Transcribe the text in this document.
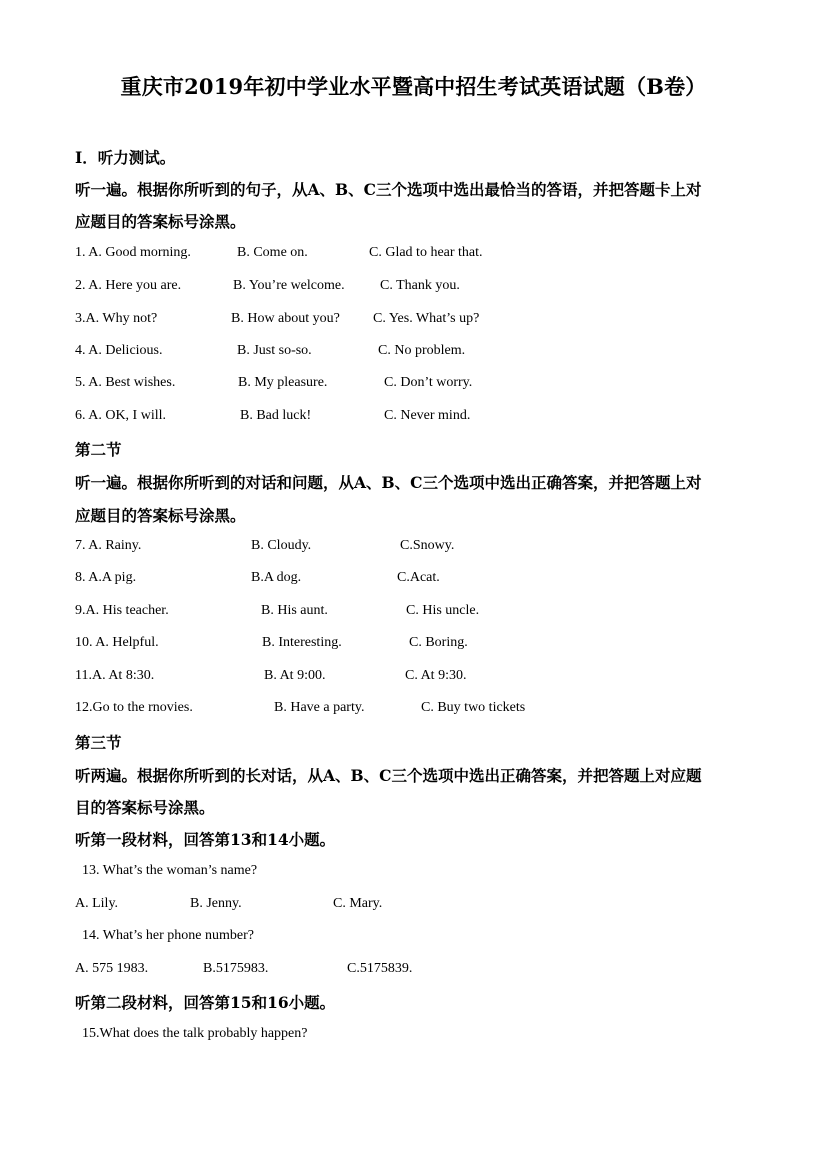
重庆市2019年初中学业水平暨高中招生考试英语试题（B卷）
I．听力测试。
听一遍。根据你所听到的句子，从A、B、C三个选项中选出最恰当的答语，并把答题卡上对
应题目的答案标号涂黑。
1. A. Good morning.	B. Come on.	C. Glad to hear that.
2. A. Here you are.	B. You’re welcome.	C. Thank you.
3.A. Why not?	B. How about you? C. Yes. What’s up?
4. A. Delicious.	B. Just so-so.	C. No problem.
5. A. Best wishes.	B. My pleasure.	C. Don’t worry.
6. A. OK, I will.	B. Bad luck!	C. Never mind.
第二节
听一遍。根据你所听到的对话和问题，从A、B、C三个选项中选出正确答案，并把答题上对
应题目的答案标号涂黑。
7. A. Rainy.	B. Cloudy.	C.Snowy.
8. A.A pig.	B.A dog.	C.Acat.
9.A. His teacher.	B. His aunt.	C. His uncle.
10. A. Helpful.	B. Interesting.	C. Boring.
11.A. At 8:30.	B. At 9:00.	C. At 9:30.
12.Go to the rnovies.	B. Have a party.	C. Buy two tickets
第三节
听两遍。根据你所听到的长对话，从A、B、C三个选项中选出正确答案，并把答题上对应题
目的答案标号涂黑。
听第一段材料，回答第13和14小题。
13. What’s the woman’s name?
A. Lily.	B. Jenny.	C. Mary.
14. What’s her phone number?
A. 575 1983.	B.5175983.	C.5175839.
听第二段材料，回答第15和16小题。
15.What does the talk probably happen?
